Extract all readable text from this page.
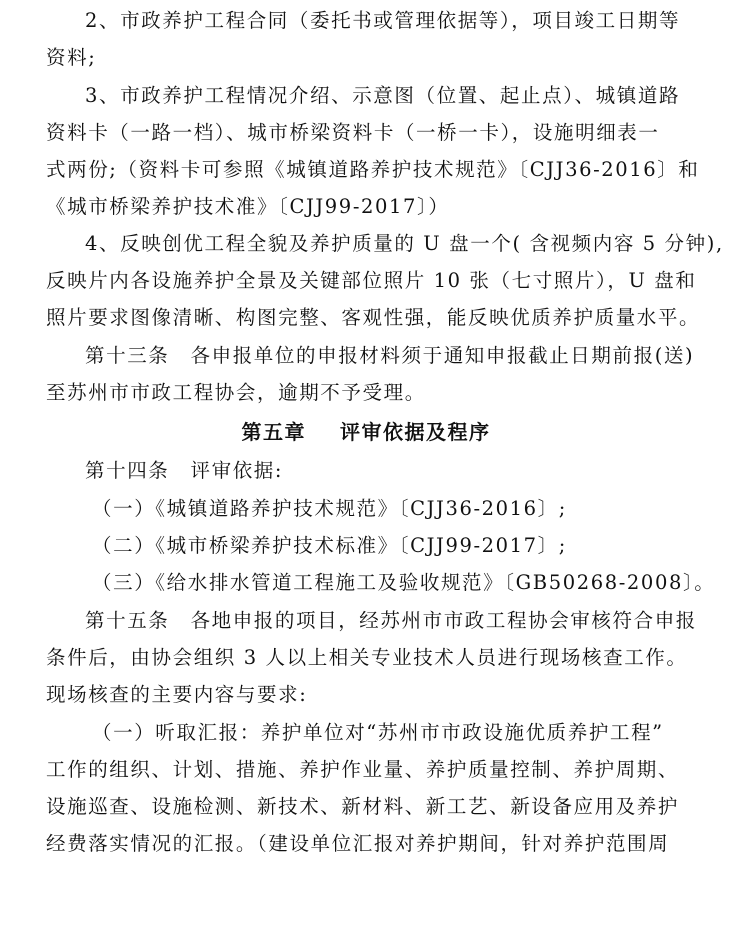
2、市政养护工程合同（委托书或管理依据等），项目竣工日期等
资料;
3、市政养护工程情况介绍、示意图（位置、起止点）、城镇道路
资料卡（一路一档）、城市桥梁资料卡（一桥一卡），设施明细表一
式两份;（资料卡可参照《城镇道路养护技术规范》〔CJJ36-2016〕和
《城市桥梁养护技术准》〔CJJ99-2017〕）
4、反映创优工程全貌及养护质量的 U 盘一个( 含视频内容 5 分钟),
反映片内各设施养护全景及关键部位照片 10 张（七寸照片），U 盘和
照片要求图像清晰、构图完整、客观性强，能反映优质养护质量水平。
第十三条　各申报单位的申报材料须于通知申报截止日期前报(送)
至苏州市市政工程协会，逾期不予受理。
第五章 评审依据及程序
第十四条　评审依据:
（一）《城镇道路养护技术规范》〔CJJ36-2016〕;
（二）《城市桥梁养护技术标准》〔CJJ99-2017〕;
（三）《给水排水管道工程施工及验收规范》〔GB50268-2008〕。
第十五条　各地申报的项目，经苏州市市政工程协会审核符合申报
条件后，由协会组织 3 人以上相关专业技术人员进行现场核查工作。
现场核查的主要内容与要求:
（一）听取汇报：养护单位对“苏州市市政设施优质养护工程”
工作的组织、计划、措施、养护作业量、养护质量控制、养护周期、
设施巡查、设施检测、新技术、新材料、新工艺、新设备应用及养护
经费落实情况的汇报。（建设单位汇报对养护期间，针对养护范围周
